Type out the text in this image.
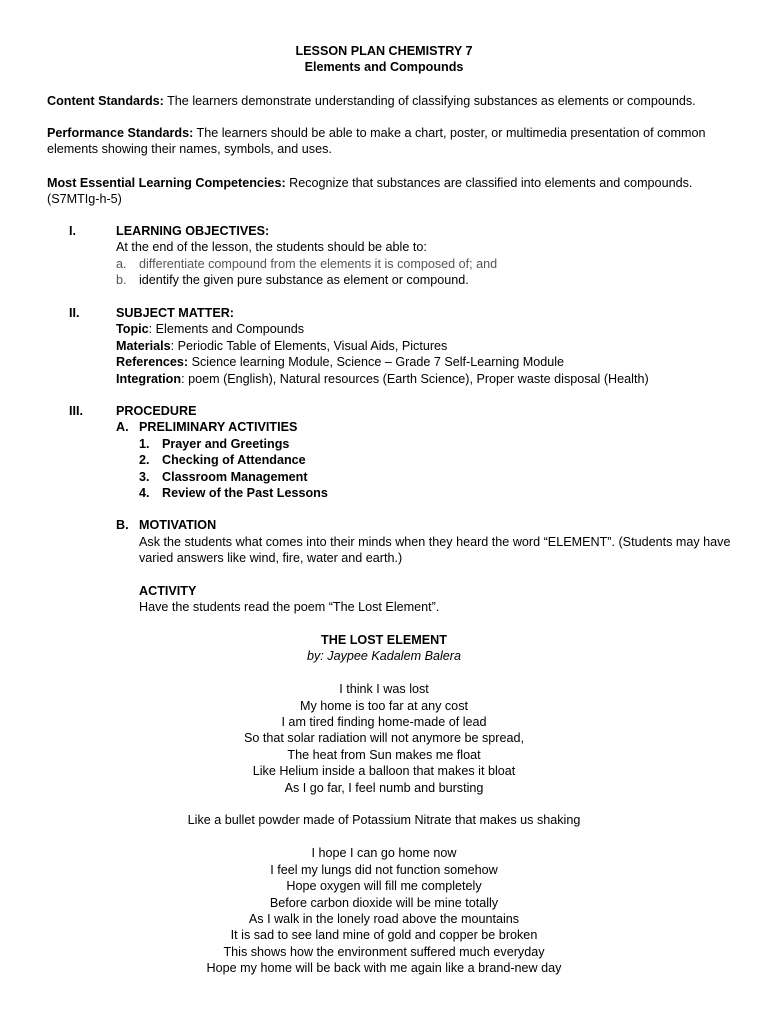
LESSON PLAN CHEMISTRY 7
Elements and Compounds
Content Standards: The learners demonstrate understanding of classifying substances as elements or compounds.
Performance Standards: The learners should be able to make a chart, poster, or multimedia presentation of common elements showing their names, symbols, and uses.
Most Essential Learning Competencies: Recognize that substances are classified into elements and compounds. (S7MTIg-h-5)
I.	LEARNING OBJECTIVES:
At the end of the lesson, the students should be able to:
a. differentiate compound from the elements it is composed of; and
b. identify the given pure substance as element or compound.
II.	SUBJECT MATTER:
Topic: Elements and Compounds
Materials: Periodic Table of Elements, Visual Aids, Pictures
References: Science learning Module, Science – Grade 7 Self-Learning Module
Integration: poem (English), Natural resources (Earth Science), Proper waste disposal (Health)
III.	PROCEDURE
A. PRELIMINARY ACTIVITIES
1. Prayer and Greetings
2. Checking of Attendance
3. Classroom Management
4. Review of the Past Lessons
B. MOTIVATION
Ask the students what comes into their minds when they heard the word “ELEMENT”. (Students may have varied answers like wind, fire, water and earth.)
ACTIVITY
Have the students read the poem “The Lost Element”.
THE LOST ELEMENT
by: Jaypee Kadalem Balera

I think I was lost
My home is too far at any cost
I am tired finding home-made of lead
So that solar radiation will not anymore be spread,
The heat from Sun makes me float
Like Helium inside a balloon that makes it bloat
As I go far, I feel numb and bursting

Like a bullet powder made of Potassium Nitrate that makes us shaking

I hope I can go home now
I feel my lungs did not function somehow
Hope oxygen will fill me completely
Before carbon dioxide will be mine totally
As I walk in the lonely road above the mountains
It is sad to see land mine of gold and copper be broken
This shows how the environment suffered much everyday
Hope my home will be back with me again like a brand-new day
